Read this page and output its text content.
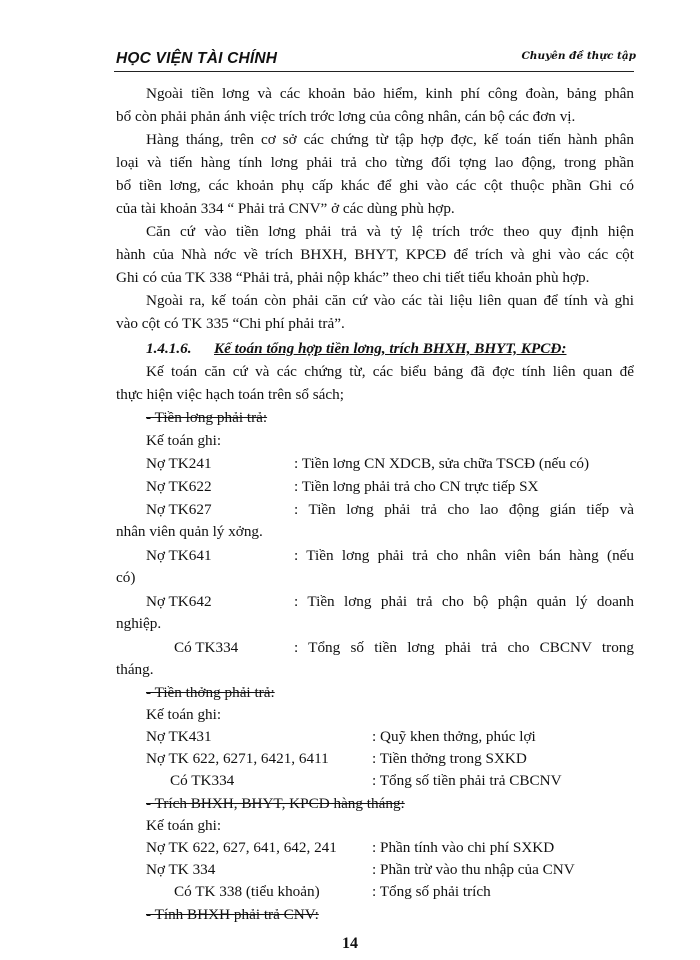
HỌC VIỆN TÀI CHÍNH	Chuyên đề thực tập
Ngoài tiền lơng và các khoản bảo hiểm, kinh phí công đoàn, bảng phân
bổ còn phải phản ánh việc trích trớc lơng của công nhân, cán bộ các đơn vị.
Hàng tháng, trên cơ sở các chứng từ tập hợp đợc, kế toán tiến hành phân
loại và tiến hàng tính lơng phải trả cho từng đối tợng lao động, trong phần
bổ tiền lơng, các khoản phụ cấp khác để ghi vào các cột thuộc phần Ghi có
của tài khoản 334 “ Phải trả CNV” ở các dùng phù hợp.
Căn cứ vào tiền lơng phải trả và tỷ lệ trích trớc theo quy định hiện
hành của Nhà nớc về trích BHXH, BHYT, KPCĐ để trích và ghi vào các cột
Ghi có của TK 338 “Phải trả, phải nộp khác” theo chi tiết tiểu khoản phù hợp.
Ngoài ra, kế toán còn phải căn cứ vào các tài liệu liên quan để tính và ghi
vào cột có TK 335 “Chi phí phải trả”.
1.4.1.6. Kế toán tổng hợp tiền lơng, trích BHXH, BHYT, KPCĐ:
Kế toán căn cứ và các chứng từ, các biểu bảng đã đợc tính liên quan để
thực hiện việc hạch toán trên sổ sách;
- Tiền lơng phải trả:
Kế toán ghi:
Nợ TK241	: Tiền lơng CN XDCB, sửa chữa TSCĐ (nếu có)
Nợ TK622	: Tiền lơng phải trả cho CN trực tiếp SX
Nợ TK627	: Tiền lơng phải trả cho lao động gián tiếp và
nhân viên quản lý xởng.
Nợ TK641	: Tiền lơng phải trả cho nhân viên bán hàng (nếu
có)
Nợ TK642	: Tiền lơng phải trả cho bộ phận quản lý doanh
nghiệp.
Có TK334	: Tổng số tiền lơng phải trả cho CBCNV trong
tháng.
- Tiền thởng phải trả:
Kế toán ghi:
Nợ TK431	: Quỹ khen thởng, phúc lợi
Nợ TK 622, 6271, 6421, 6411	: Tiền thởng trong SXKD
Có TK334	: Tổng số tiền phải trả CBCNV
- Trích BHXH, BHYT, KPCĐ hàng tháng:
Kế toán ghi:
Nợ TK 622, 627, 641, 642, 241 : Phần tính vào chi phí SXKD
Nợ TK 334	: Phần trừ vào thu nhập của CNV
Có TK 338 (tiểu khoản)	: Tổng số phải trích
- Tính BHXH phải trả CNV:
14
